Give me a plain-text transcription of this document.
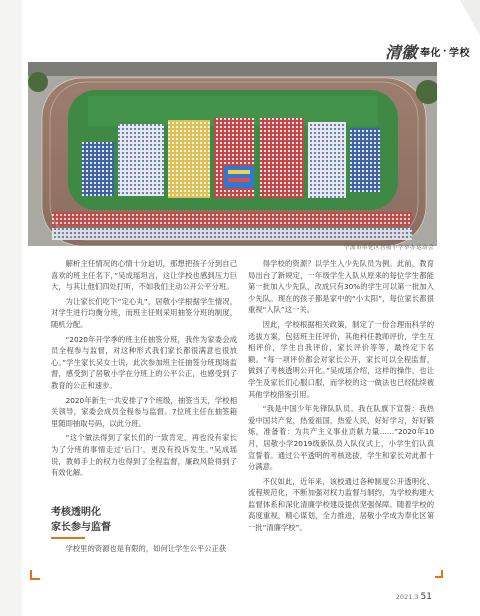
清徽 奉化 · 学校
宁波市奉化区居敬小学举办运动会

解析主任情况的心情十分迫切，那想把孩子分到自己喜欢的班主任名下，”吴成瑶坦言，这让学校也感到压力巨大，与其让他们四处打听，不如我们主动公开公平分班。

为让家长们吃下“定心丸”，居敬小学根据学生情况，对学生进行均衡分班，而班主任则采用抽签分班的制度，随机分配。

“2020年开学季的班主任抽签分班，我作为家委会成员全程参与监督，对这种形式我们家长都很满意也很放心。”学生家长吴女士说，此次参加班主任抽签分班现场监督，感受到了居敬小学在分班上的公平公正，也感受到了教育的公正和速步。

2020年新生一共安排了7个班级，抽签当天，学校相关领导，家委会成员全程参与监督。7位班主任在抽签箱里随即抽取号码，以此分班。

“这个做法得到了家长们的一致肯定，再也没有家长为了分班的事情走过‘后门’，更没有投诉发生。”吴成瑶说，教师手上的权力也得到了全程监督，廉政风险得到了有效化解。

考核透明化

家长参与监督

学校里的资源也是有限的，如何让学生公平公正获

得学校的资源？以学生入少先队员为例。此前，教育局出台了新规定，一年级学生入队从原来的每位学生都能第一批加入少先队，改成只有30%的学生可以第一批加入少先队。现在的孩子都是家中的“小太阳”，每位家长都很重视“入队”这一关。

因此，学校根据相关政策，制定了一份合理而科学的选拔方案，包括班主任评价，其他科任教师评价，学生互相评价，学生自我评价，家长评价等等，最终定下名额。“每一项评价都会对家长公开，家长可以全程监督，做到了考核透明公开化。”吴成瑶介绍，这样的操作，也让学生及家长们心服口服，而学校的这一做法也已经陆续被其他学校借鉴引用。

“我是中国少年先锋队队员。我在队旗下宣誓：我热爱中国共产党，热爱祖国，热爱人民，好好学习，好好锻炼，准备着：为共产主义事业贡献力量……”2020年10月，居敬小学2019级新队员入队仪式上，小学生们认真宣誓着。通过公平透明的考核选拔，学生和家长对此都十分满意。

不仅如此，近年来，该校通过各种制度公开透明化、流程规范化，不断加强对权力监督与制约，为学校构建大监督体系和深化清廉学校建设提供坚强保障。随着学校的高度重视，精心谋划，全力推进，居敬小学成为奉化区第一批“清廉学校”。

2021.3 51
